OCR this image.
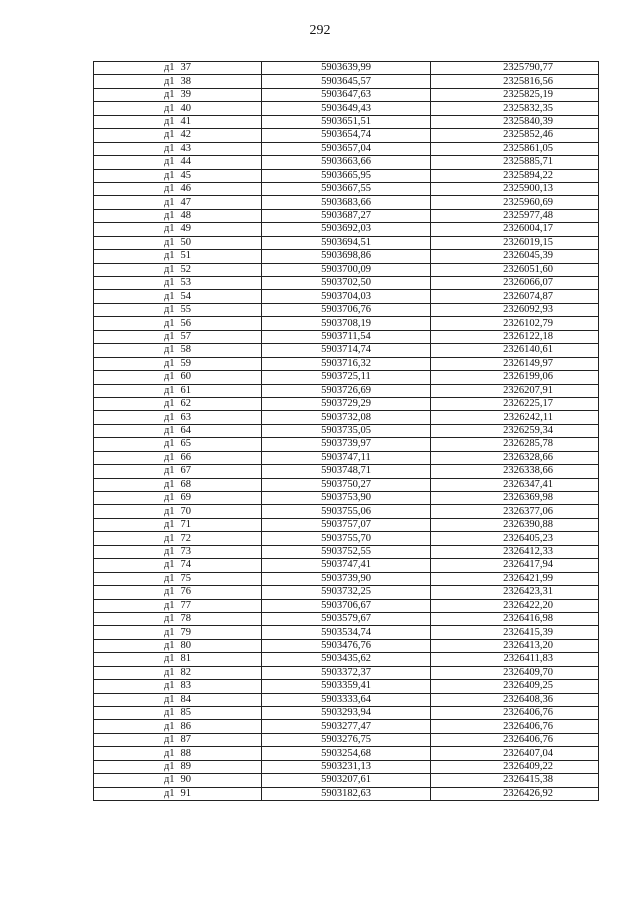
292
д1 37	5903639,99	2325790,77
д1 38	5903645,57	2325816,56
д1 39	5903647,63	2325825,19
д1 40	5903649,43	2325832,35
д1 41	5903651,51	2325840,39
д1 42	5903654,74	2325852,46
д1 43	5903657,04	2325861,05
д1 44	5903663,66	2325885,71
д1 45	5903665,95	2325894,22
д1 46	5903667,55	2325900,13
д1 47	5903683,66	2325960,69
д1 48	5903687,27	2325977,48
д1 49	5903692,03	2326004,17
д1 50	5903694,51	2326019,15
д1 51	5903698,86	2326045,39
д1 52	5903700,09	2326051,60
д1 53	5903702,50	2326066,07
д1 54	5903704,03	2326074,87
д1 55	5903706,76	2326092,93
д1 56	5903708,19	2326102,79
д1 57	5903711,54	2326122,18
д1 58	5903714,74	2326140,61
д1 59	5903716,32	2326149,97
д1 60	5903725,11	2326199,06
д1 61	5903726,69	2326207,91
д1 62	5903729,29	2326225,17
д1 63	5903732,08	2326242,11
д1 64	5903735,05	2326259,34
д1 65	5903739,97	2326285,78
д1 66	5903747,11	2326328,66
д1 67	5903748,71	2326338,66
д1 68	5903750,27	2326347,41
д1 69	5903753,90	2326369,98
д1 70	5903755,06	2326377,06
д1 71	5903757,07	2326390,88
д1 72	5903755,70	2326405,23
д1 73	5903752,55	2326412,33
д1 74	5903747,41	2326417,94
д1 75	5903739,90	2326421,99
д1 76	5903732,25	2326423,31
д1 77	5903706,67	2326422,20
д1 78	5903579,67	2326416,98
д1 79	5903534,74	2326415,39
д1 80	5903476,76	2326413,20
д1 81	5903435,62	2326411,83
д1 82	5903372,37	2326409,70
д1 83	5903359,41	2326409,25
д1 84	5903333,64	2326408,36
д1 85	5903293,94	2326406,76
д1 86	5903277,47	2326406,76
д1 87	5903276,75	2326406,76
д1 88	5903254,68	2326407,04
д1 89	5903231,13	2326409,22
д1 90	5903207,61	2326415,38
д1 91	5903182,63	2326426,92
